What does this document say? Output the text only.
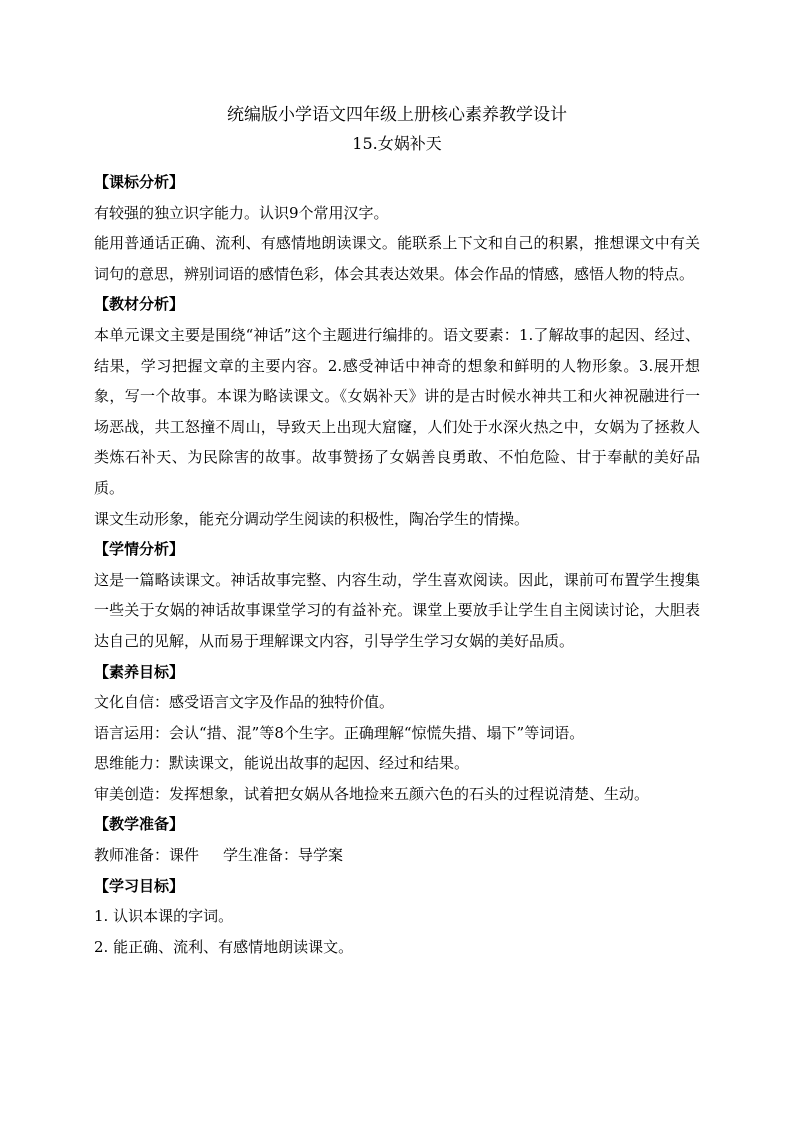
统编版小学语文四年级上册核心素养教学设计

15.女娲补天

【课标分析】

有较强的独立识字能力。认识9个常用汉字。

能用普通话正确、流利、有感情地朗读课文。能联系上下文和自己的积累，推想课文中有关词句的意思，辨别词语的感情色彩，体会其表达效果。体会作品的情感，感悟人物的特点。

【教材分析】

本单元课文主要是围绕“神话”这个主题进行编排的。语文要素：1.了解故事的起因、经过、结果，学习把握文章的主要内容。2.感受神话中神奇的想象和鲜明的人物形象。3.展开想象，写一个故事。本课为略读课文。《女娲补天》讲的是古时候水神共工和火神祝融进行一场恶战，共工怒撞不周山，导致天上出现大窟窿，人们处于水深火热之中，女娲为了拯救人类炼石补天、为民除害的故事。故事赞扬了女娲善良勇敢、不怕危险、甘于奉献的美好品质。

课文生动形象，能充分调动学生阅读的积极性，陶冶学生的情操。

【学情分析】

这是一篇略读课文。神话故事完整、内容生动，学生喜欢阅读。因此，课前可布置学生搜集一些关于女娲的神话故事课堂学习的有益补充。课堂上要放手让学生自主阅读讨论，大胆表达自己的见解，从而易于理解课文内容，引导学生学习女娲的美好品质。

【素养目标】

文化自信：感受语言文字及作品的独特价值。

语言运用：会认“措、混”等8个生字。正确理解“惊慌失措、塌下”等词语。

思维能力：默读课文，能说出故事的起因、经过和结果。

审美创造：发挥想象，试着把女娲从各地捡来五颜六色的石头的过程说清楚、生动。

【教学准备】

教师准备：课件 学生准备：导学案

【学习目标】

1. 认识本课的字词。

2. 能正确、流利、有感情地朗读课文。
